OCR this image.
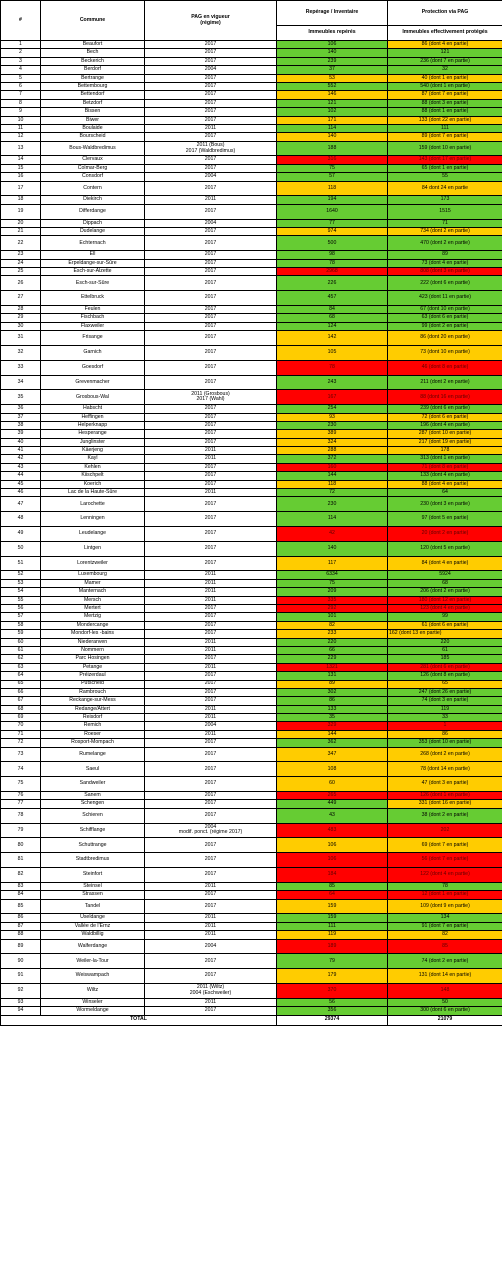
#	Commune	PAG en vigueur
(régime)	Repérage / Inventaire	Protection via PAG
			Immeubles repérés	Immeubles effectivement protégés
1	Beaufort	2017	106	86 (dont 4 en partie)
2	Bech	2017	140	121
3	Beckerich	2017	239	236 (dont 7 en partie)
4	Berdorf	2004	37	32
5	Bertrange	2017	53	40 (dont 1 en partie)
6	Bettembourg	2017	552	540 (dont 1 en partie)
7	Bettendorf	2017	146	87 (dont 7 en partie)
8	Betzdorf	2017	121	88 (dont 3 en partie)
9	Bissen	2017	102	88 (dont 1 en partie)
10	Biwer	2017	171	133 (dont 22 en partie)
11	Boulaide	2011	114	111
12	Bourscheid	2017	140	89 (dont 7 en partie)
13	Bous-Waldbredimus	2011 (Bous)
2017 (Waldbredimus)	188	159 (dont 10 en partie)
14	Clervaux	2017	316	143 (dont 17 en partie)
15	Colmar-Berg	2017	75	65 (dont 1 en partie)
16	Consdorf	2004	57	55
17	Contern	2017	118	84 dont 24 en partie
18	Diekirch	2011	194	173
19	Differdange	2017	1640	1515
20	Dippach	2004	77	71
21	Dudelange	2017	974	734 (dont 2 en partie)
22	Echternach	2017	500	470 (dont 2 en partie)
23	Ell	2017	98	89
24	Erpeldange-sur-Sûre	2017	78	73 (dont 4 en partie)
25	Esch-sur-Alzette	2017	2968	808 (dont 3 en partie)
26	Esch-sur-Sûre	2017	226	222 (dont 6 en partie)
27	Ettelbruck	2017	457	423 (dont 11 en partie)
28	Feulen	2017	84	67 (dont 10 en partie)
29	Fischbach	2017	68	63 (dont 6 en partie)
30	Flaxweiler	2017	124	99 (dont 2 en partie)
31	Frisange	2017	142	86 (dont 20 en partie)
32	Garnich	2017	105	73 (dont 10 en partie)
33	Goesdorf	2017	78	46 (dont 8 en partie)
34	Grevenmacher	2017	243	211 (dont 2 en partie)
35	Grosbous-Wal	2011 (Grosbous)
2017 (Wahl)	167	88 (dont 16 en partie)
36	Habscht	2017	254	239 (dont 6 en partie)
37	Heffingen	2017	93	72 (dont 6 en partie)
38	Helperknapp	2017	230	196 (dont 4 en partie)
39	Hesperange	2017	389	287 (dont 10 en partie)
40	Junglinster	2017	324	217 (dont 19 en partie)
41	Käerjeng	2011	288	178
42	Kayl	2011	372	313 (dont 1 en partie)
43	Kehlen	2017	160	71 (dont 8 en partie)
44	Kiischpelt	2017	144	133 (dont 4 en partie)
45	Koerich	2017	118	88 (dont 4 en partie)
46	Lac de la Haute-Sûre	2011	72	64
47	Larochette	2017	230	230 (dont 3 en partie)
48	Lenningen	2017	114	97 (dont 5 en partie)
49	Leudelange	2017	42	20 (dont 2 en partie)
50	Lintgen	2017	140	120 (dont 5 en partie)
51	Lorentzweiler	2017	117	84 (dont 4 en partie)
52	Luxembourg	2011	6334	5924
53	Mamer	2011	75	68
54	Manternach	2011	209	206 (dont 2 en partie)
55	Mersch	2011	335	180 (dont 12 en partie)
56	Mertert	2017	292	123 (dont 4 en partie)
57	Mertzig	2017	101	99
58	Mondercange	2017	82	61 (dont 6 en partie)
59	Mondorf-les -bains	2017	233	162 (dont 13 en partie)
60	Niederanven	2011	220	220
61	Nommern	2011	66	61
62	Parc Hosingen	2017	229	185
63	Petange	2011	1321	281 (dont 6 en partie)
64	Préizerdaul	2017	131	126 (dont 8 en partie)
65	Putscheid	2017	89	65
66	Rambrouch	2017	302	247 (dont 26 en partie)
67	Reckange-sur-Mess	2017	86	74 (dont 3 en partie)
68	Redange/Attert	2011	133	119
69	Reisdorf	2011	35	33
70	Remich	2004	329	1
71	Roeser	2011	144	86
72	Rosport-Mompach	2017	362	353 (dont 10 en partie)
73	Rumelange	2017	347	268 (dont 2 en partie)
74	Saeul	2017	108	78 (dont 14 en partie)
75	Sandweiler	2017	60	47 (dont 3 en partie)
76	Sanem	2017	265	126 (dont 1 en partie)
77	Schengen	2017	449	331 (dont 16 en partie)
78	Schieren	2017	43	38 (dont 2 en partie)
79	Schifflange	2004
modif. ponct. (régime 2017)	483	202
80	Schuttrange	2017	106	69 (dont 7 en partie)
81	Stadtbredimus	2017	106	56 (dont 7 en partie)
82	Steinfort	2017	184	122 (dont 4 en partie)
83	Steinsel	2011	85	78
84	Strassen	2017	64	12 (dont 1 en partie)
85	Tandel	2017	159	109 (dont 9 en partie)
86	Useldange	2011	159	134
87	Vallée de l'Ernz	2011	111	91 (dont 7 en partie)
88	Waldbillig	2011	119	82
89	Walferdange	2004	189	85
90	Weiler-la-Tour	2017	79	74 (dont 2 en partie)
91	Weiswampach	2017	179	131 (dont 14 en partie)
92	Wiltz	2011 (Wiltz)
2004 (Eschweiler)	370	148
93	Winseler	2011	56	50
94	Wormeldange	2017	356	300 (dont 6 en partie)
TOTAL			29374	21079
